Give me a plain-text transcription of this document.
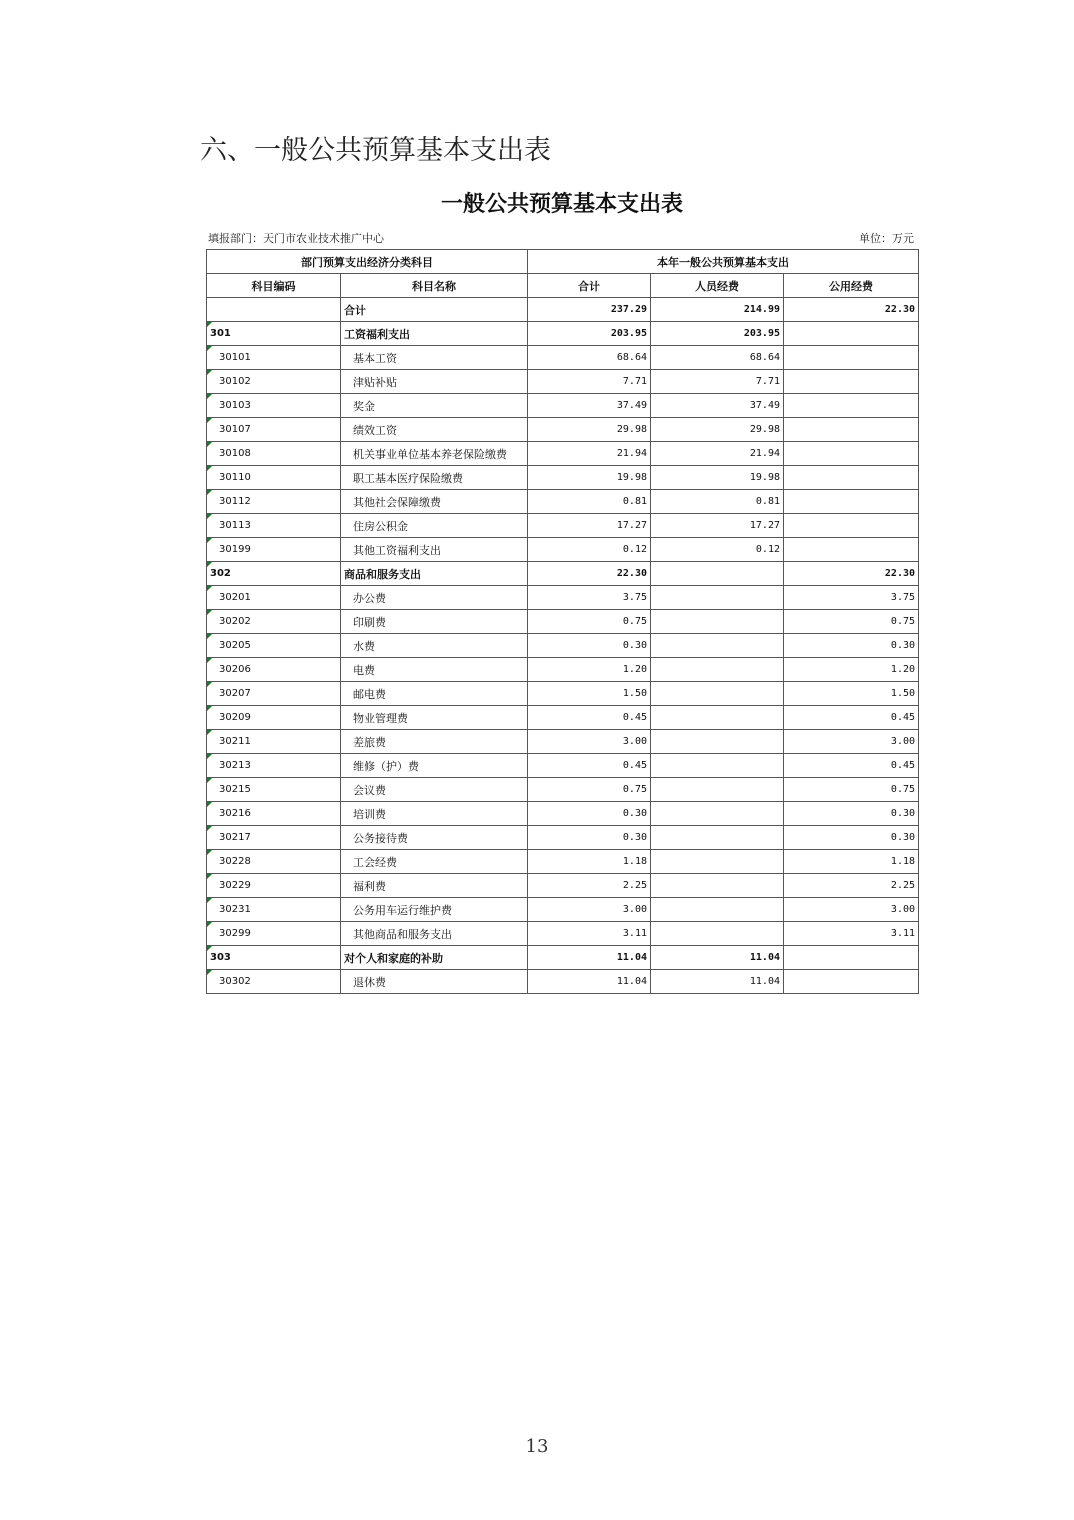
六、一般公共预算基本支出表
一般公共预算基本支出表
填报部门：天门市农业技术推广中心	单位：万元
部门预算支出经济分类科目		本年一般公共预算基本支出		
科目编码	科目名称	合计	人员经费	公用经费
	合计	237.29	214.99	22.30
301	工资福利支出	203.95	203.95	
30101	基本工资	68.64	68.64	
30102	津贴补贴	7.71	7.71	
30103	奖金	37.49	37.49	
30107	绩效工资	29.98	29.98	
30108	机关事业单位基本养老保险缴费	21.94	21.94	
30110	职工基本医疗保险缴费	19.98	19.98	
30112	其他社会保障缴费	0.81	0.81	
30113	住房公积金	17.27	17.27	
30199	其他工资福利支出	0.12	0.12	
302	商品和服务支出	22.30		22.30
30201	办公费	3.75		3.75
30202	印刷费	0.75		0.75
30205	水费	0.30		0.30
30206	电费	1.20		1.20
30207	邮电费	1.50		1.50
30209	物业管理费	0.45		0.45
30211	差旅费	3.00		3.00
30213	维修（护）费	0.45		0.45
30215	会议费	0.75		0.75
30216	培训费	0.30		0.30
30217	公务接待费	0.30		0.30
30228	工会经费	1.18		1.18
30229	福利费	2.25		2.25
30231	公务用车运行维护费	3.00		3.00
30299	其他商品和服务支出	3.11		3.11
303	对个人和家庭的补助	11.04	11.04	
30302	退休费	11.04	11.04	
13
